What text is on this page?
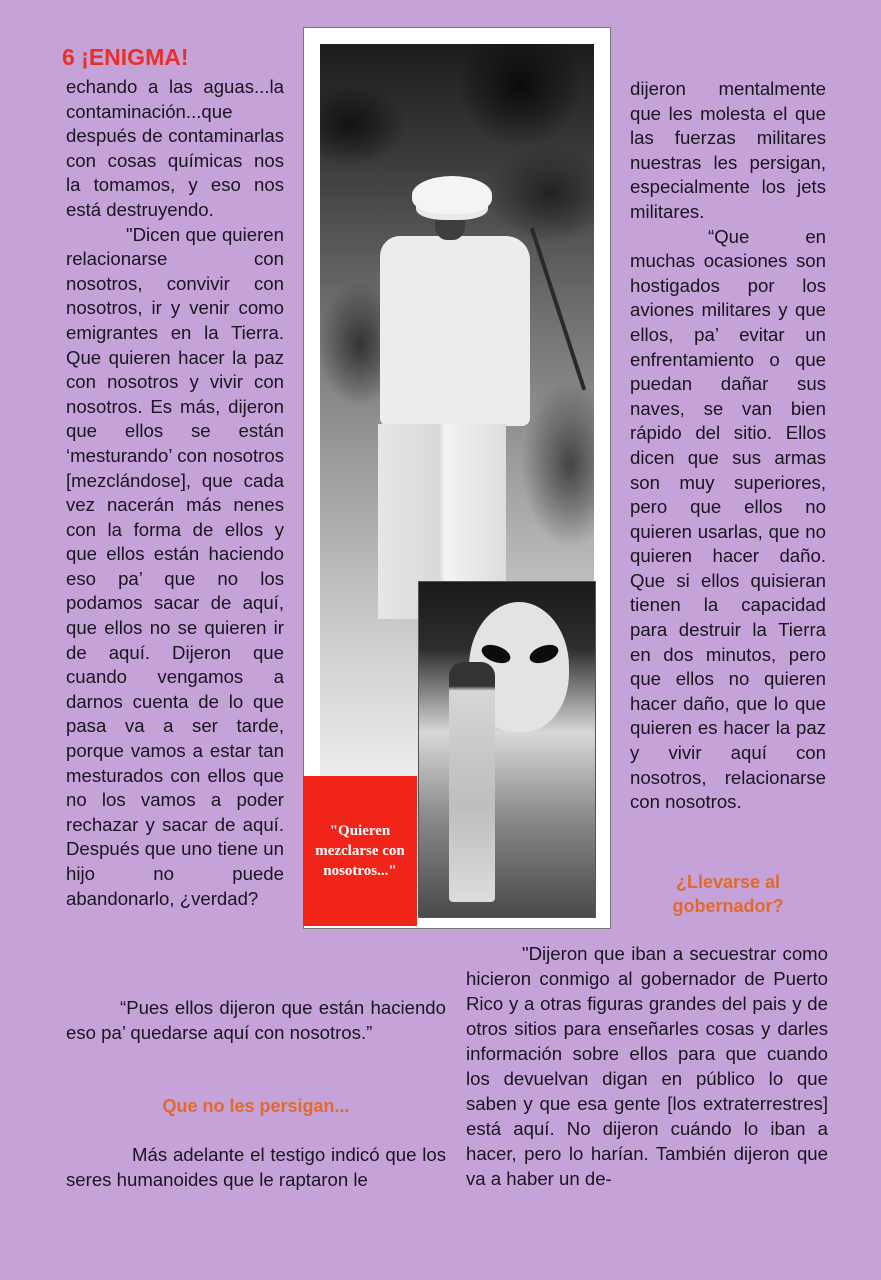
6 ¡ENIGMA!

echando a las aguas...la contaminación...que después de contaminarlas con cosas químicas nos la tomamos, y eso nos está destruyendo.

"Dicen que quieren relacionarse con nosotros, convivir con nosotros, ir y venir como emigrantes en la Tierra. Que quieren hacer la paz con nosotros y vivir con nosotros. Es más, dijeron que ellos se están ‘mesturando’ con nosotros [mezclándose], que cada vez nacerán más nenes con la forma de ellos y que ellos están haciendo eso pa’ que no los podamos sacar de aquí, que ellos no se quieren ir de aquí. Dijeron que cuando vengamos a darnos cuenta de lo que pasa va a ser tarde, porque vamos a estar tan mesturados con ellos que no los vamos a poder rechazar y sacar de aquí. Después que uno tiene un hijo no puede abandonarlo, ¿verdad?

"Quieren mezclarse con nosotros..."

dijeron mentalmente que les molesta el que las fuerzas militares nuestras les persigan, especialmente los jets militares.

“Que en muchas ocasiones son hostigados por los aviones militares y que ellos, pa’ evitar un enfrentamiento o que puedan dañar sus naves, se van bien rápido del sitio. Ellos dicen que sus armas son muy superiores, pero que ellos no quieren usarlas, que no quieren hacer daño. Que si ellos quisieran tienen la capacidad para destruir la Tierra en dos minutos, pero que ellos no quieren hacer daño, que lo que quieren es hacer la paz y vivir aquí con nosotros, relacionarse con nosotros.

¿Llevarse al gobernador?

“Pues ellos dijeron que están haciendo eso pa’ quedarse aquí con nosotros.”

Que no les persigan...

Más adelante el testigo indicó que los seres humanoides que le raptaron le

"Dijeron que iban a secuestrar como hicieron conmigo al gobernador de Puerto Rico y a otras figuras grandes del pais y de otros sitios para enseñarles cosas y darles información sobre ellos para que cuando los devuelvan digan en público lo que saben y que esa gente [los extraterrestres] está aquí. No dijeron cuándo lo iban a hacer, pero lo harían. También dijeron que va a haber un de-
